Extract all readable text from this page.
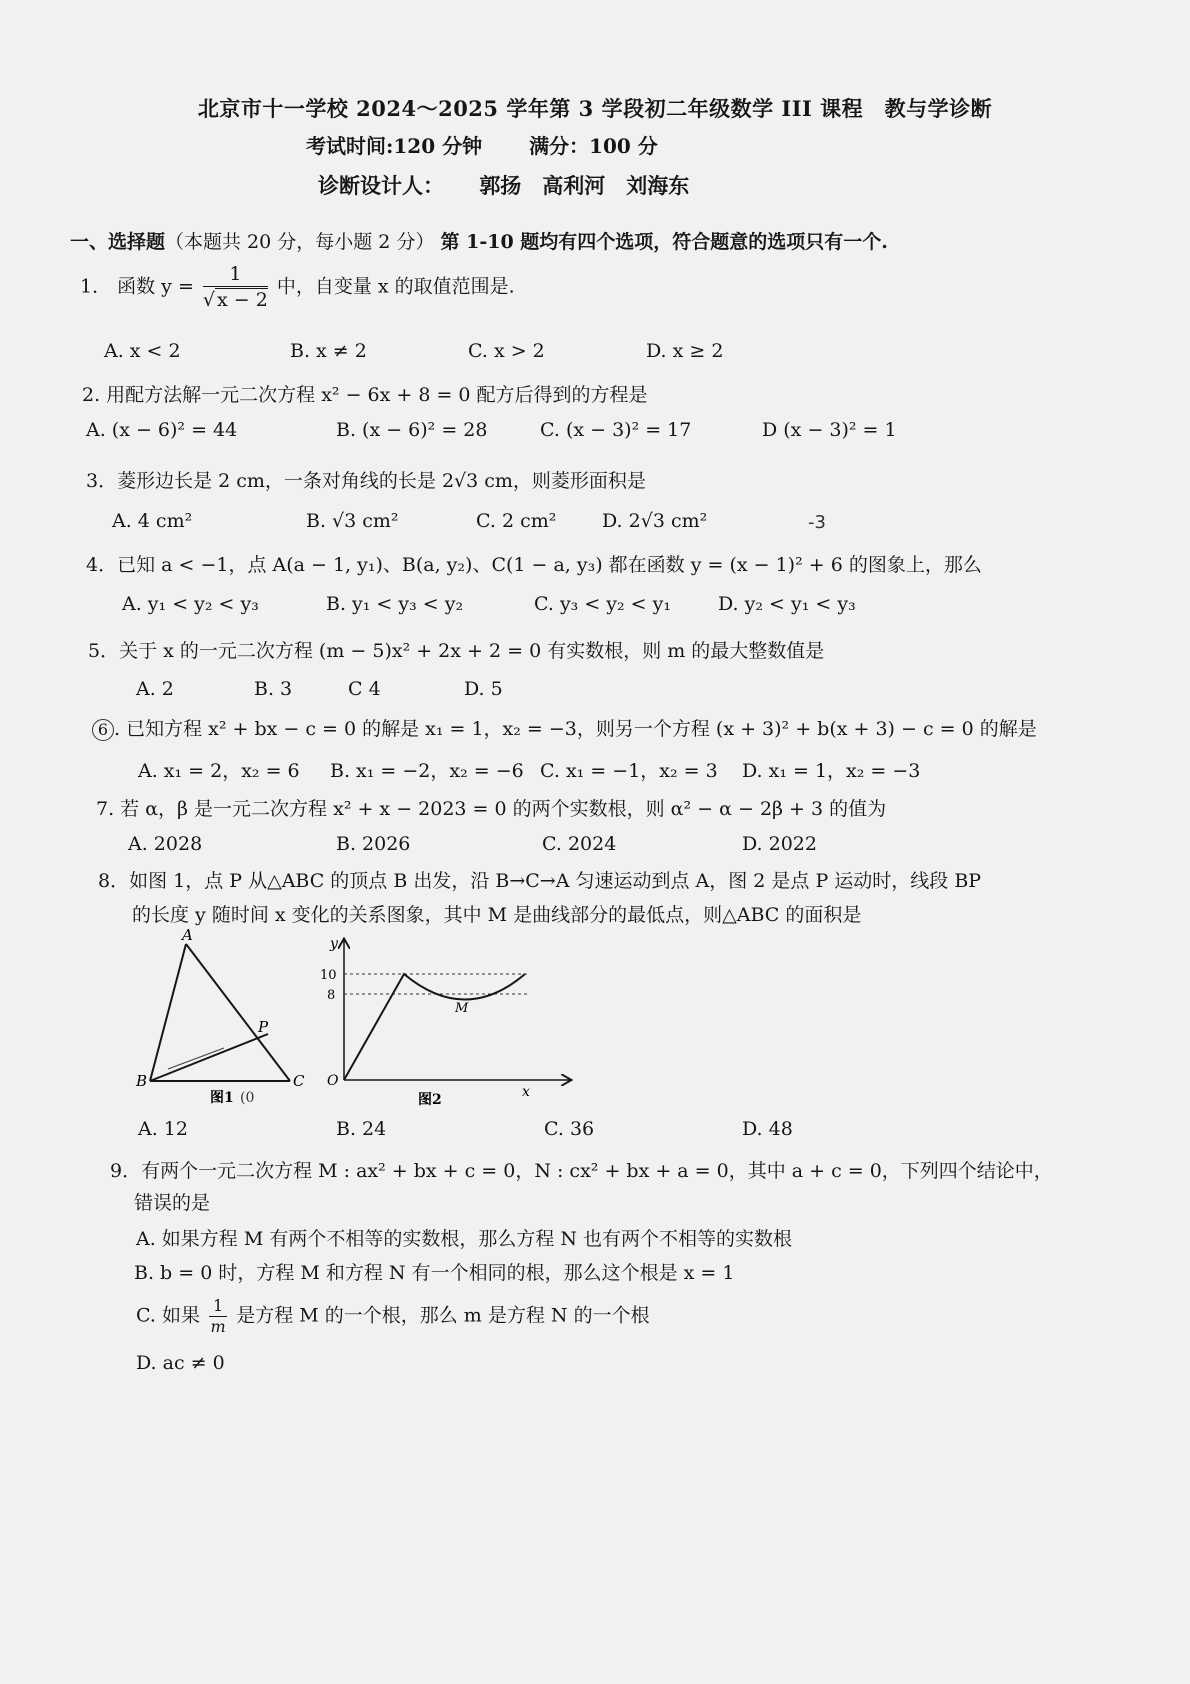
北京市十一学校 2024～2025 学年第 3 学段初二年级数学 III 课程　教与学诊断
考试时间:120 分钟 满分：100 分
诊断设计人： 郭扬　高利河　刘海东
一、选择题（本题共 20 分，每小题 2 分） 第 1-10 题均有四个选项，符合题意的选项只有一个.
1． 函数 $y = \frac{1}{√ x - 2}$ 中，自变量 x 的取值范围是.
A. x < 2	B. x ≠ 2	C. x > 2	D. x ≥ 2
2. 用配方法解一元二次方程 x² − 6x + 8 = 0 配方后得到的方程是
A. (x − 6)² = 44	B. (x − 6)² = 28	C. (x − 3)² = 17	D (x − 3)² = 1
3．菱形边长是 2 cm，一条对角线的长是 2√3 cm，则菱形面积是
A. 4 cm²	B. √3 cm²	C. 2 cm² D. 2√3 cm²	-3
4．已知 a < −1，点 A(a − 1, y₁)、B(a, y₂)、C(1 − a, y₃) 都在函数 y = (x − 1)² + 6 的图象上，那么
A. y₁ < y₂ < y₃	B. y₁ < y₃ < y₂	C. y₃ < y₂ < y₁ D. y₂ < y₁ < y₃
5．关于 x 的一元二次方程 (m − 5)x² + 2x + 2 = 0 有实数根，则 m 的最大整数值是
A. 2	B. 3	C 4	D. 5
6 . 已知方程 x² + bx − c = 0 的解是 x₁ = 1，x₂ = −3，则另一个方程 (x + 3)² + b(x + 3) − c = 0 的解是
A. x₁ = 2，x₂ = 6 B. x₁ = −2，x₂ = −6 C. x₁ = −1，x₂ = 3 D. x₁ = 1，x₂ = −3
7. 若 α，β 是一元二次方程 x² + x − 2023 = 0 的两个实数根，则 α² − α − 2β + 3 的值为
A. 2028	B. 2026	C. 2024	D. 2022
8．如图 1，点 P 从△ABC 的顶点 B 出发，沿 B→C→A 匀速运动到点 A，图 2 是点 P 运动时，线段 BP
的长度 y 随时间 x 变化的关系图象，其中 M 是曲线部分的最低点，则△ABC 的面积是
A
B	C
P
图1 (0
y
10
8
O
M
x
图2
A. 12	B. 24	C. 36	D. 48
9．有两个一元二次方程 M : ax² + bx + c = 0，N : cx² + bx + a = 0，其中 a + c = 0，下列四个结论中，
错误的是
A. 如果方程 M 有两个不相等的实数根，那么方程 N 也有两个不相等的实数根
B. b = 0 时，方程 M 和方程 N 有一个相同的根，那么这个根是 x = 1
C. 如果 $\frac{1}{m}$ 是方程 M 的一个根，那么 m 是方程 N 的一个根
D. ac ≠ 0
